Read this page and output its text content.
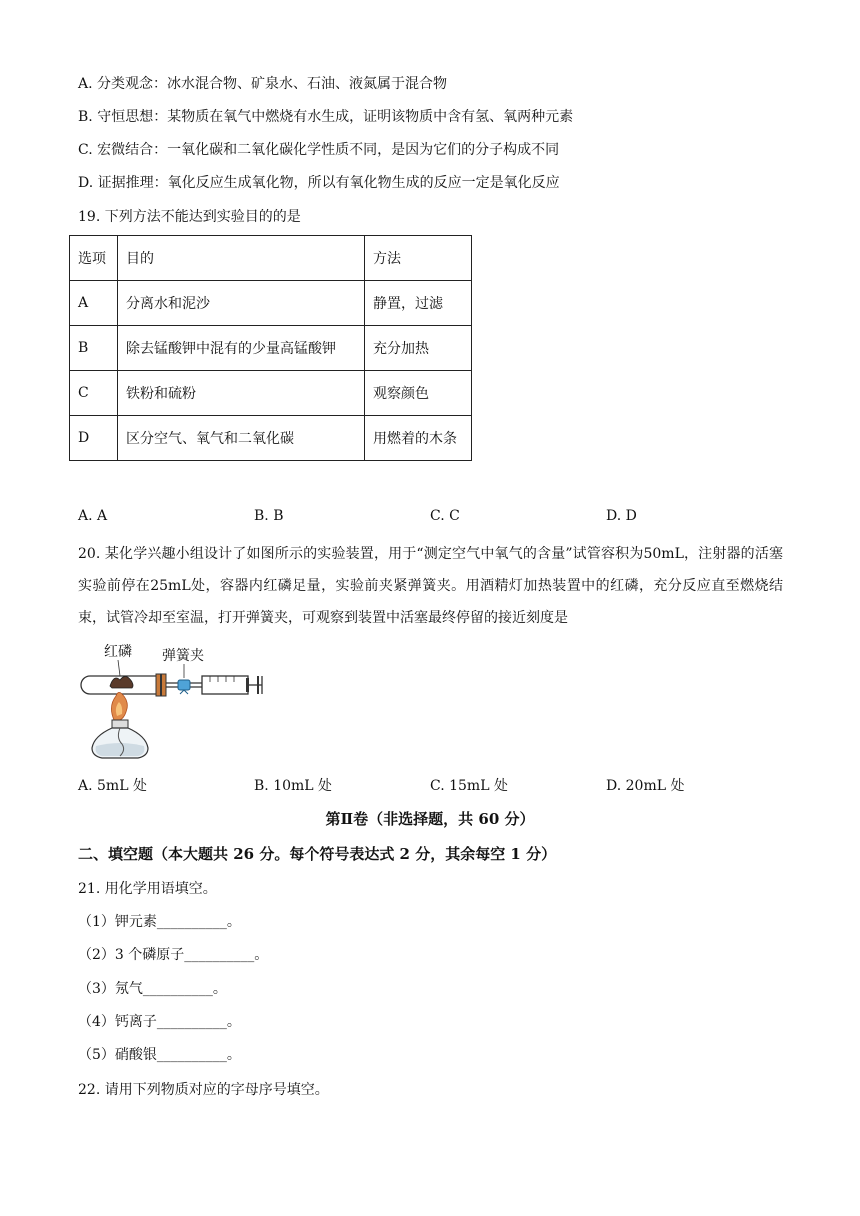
A. 分类观念：冰水混合物、矿泉水、石油、液氮属于混合物
B. 守恒思想：某物质在氧气中燃烧有水生成，证明该物质中含有氢、氧两种元素
C. 宏微结合：一氧化碳和二氧化碳化学性质不同，是因为它们的分子构成不同
D. 证据推理：氧化反应生成氧化物，所以有氧化物生成的反应一定是氧化反应
19. 下列方法不能达到实验目的的是
选项	目的	方法
A	分离水和泥沙	静置，过滤
B	除去锰酸钾中混有的少量高锰酸钾	充分加热
C	铁粉和硫粉	观察颜色
D	区分空气、氧气和二氧化碳	用燃着的木条
A. A	B. B	C. C	D. D
20. 某化学兴趣小组设计了如图所示的实验装置，用于“测定空气中氧气的含量”试管容积为50mL，注射器的活塞实验前停在25mL处，容器内红磷足量，实验前夹紧弹簧夹。用酒精灯加热装置中的红磷，充分反应直至燃烧结束，试管冷却至室温，打开弹簧夹，可观察到装置中活塞最终停留的接近刻度是
红磷 弹簧夹
A. 5mL 处	B. 10mL 处	C. 15mL 处	D. 20mL 处
第Ⅱ卷（非选择题，共 60 分）
二、填空题（本大题共 26 分。每个符号表达式 2 分，其余每空 1 分）
21. 用化学用语填空。
（1）钾元素__________。
（2）3 个磷原子__________。
（3）氖气__________。
（4）钙离子__________。
（5）硝酸银__________。
22. 请用下列物质对应的字母序号填空。
